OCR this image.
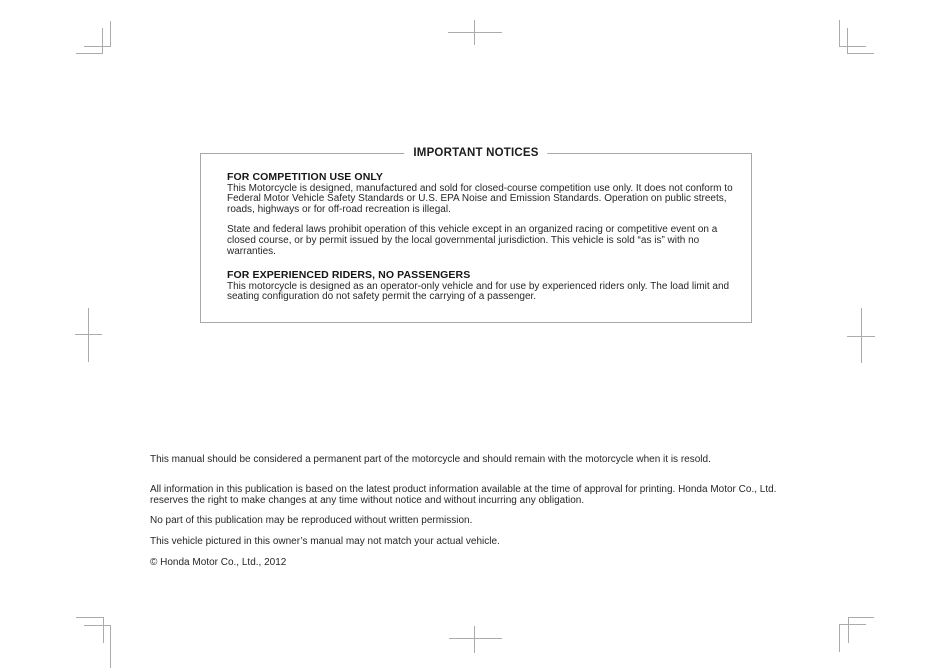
IMPORTANT NOTICES
FOR COMPETITION USE ONLY

This Motorcycle is designed, manufactured and sold for closed-course competition use only. It does not conform to Federal Motor Vehicle Safety Standards or U.S. EPA Noise and Emission Standards. Operation on public streets, roads, highways or for off-road recreation is illegal.

State and federal laws prohibit operation of this vehicle except in an organized racing or competitive event on a closed course, or by permit issued by the local governmental jurisdiction. This vehicle is sold “as is” with no warranties.

FOR EXPERIENCED RIDERS, NO PASSENGERS

This motorcycle is designed as an operator-only vehicle and for use by experienced riders only. The load limit and seating configuration do not safety permit the carrying of a passenger.

This manual should be considered a permanent part of the motorcycle and should remain with the motorcycle when it is resold.

All information in this publication is based on the latest product information available at the time of approval for printing. Honda Motor Co., Ltd. reserves the right to make changes at any time without notice and without incurring any obligation.

No part of this publication may be reproduced without written permission.

This vehicle pictured in this owner’s manual may not match your actual vehicle.

© Honda Motor Co., Ltd., 2012
